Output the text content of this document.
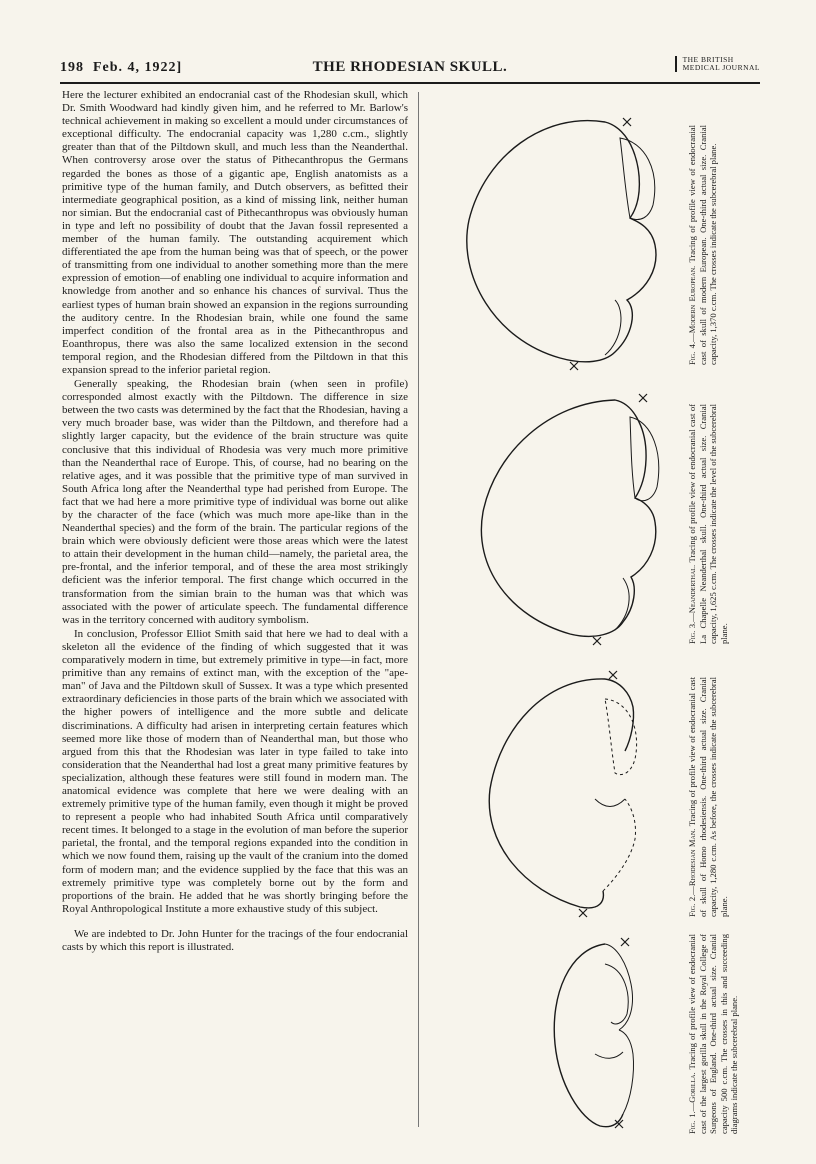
198 Feb. 4, 1922]	THE RHODESIAN SKULL.	THE BRITISH
MEDICAL JOURNAL

Here the lecturer exhibited an endocranial cast of the Rhodesian skull, which Dr. Smith Woodward had kindly given him, and he referred to Mr. Barlow's technical achievement in making so excellent a mould under circumstances of exceptional difficulty. The endocranial capacity was 1,280 c.cm., slightly greater than that of the Piltdown skull, and much less than the Neanderthal. When controversy arose over the status of Pithecanthropus the Germans regarded the bones as those of a gigantic ape, English anatomists as a primitive type of the human family, and Dutch observers, as befitted their intermediate geographical position, as a kind of missing link, neither human nor simian. But the endocranial cast of Pithecanthropus was obviously human in type and left no possibility of doubt that the Javan fossil represented a member of the human family. The outstanding acquirement which differentiated the ape from the human being was that of speech, or the power of transmitting from one individual to another something more than the mere expression of emotion—of enabling one individual to acquire information and knowledge from another and so enhance his chances of survival. Thus the earliest types of human brain showed an expansion in the regions surrounding the auditory centre. In the Rhodesian brain, while one found the same imperfect condition of the frontal area as in the Pithecanthropus and Eoanthropus, there was also the same localized extension in the second temporal region, and the Rhodesian differed from the Piltdown in that this expansion spread to the inferior parietal region.

Generally speaking, the Rhodesian brain (when seen in profile) corresponded almost exactly with the Piltdown. The difference in size between the two casts was determined by the fact that the Rhodesian, having a very much broader base, was wider than the Piltdown, and therefore had a slightly larger capacity, but the evidence of the brain structure was quite conclusive that this individual of Rhodesia was very much more primitive than the Neanderthal race of Europe. This, of course, had no bearing on the relative ages, and it was possible that the primitive type of man survived in South Africa long after the Neanderthal type had perished from Europe. The fact that we had here a more primitive type of individual was borne out alike by the character of the face (which was much more ape-like than in the Neanderthal species) and the form of the brain. The particular regions of the brain which were obviously deficient were those areas which were the latest to attain their development in the human child—namely, the parietal area, the pre-frontal, and the inferior temporal, and of these the area most strikingly deficient was the inferior temporal. The first change which occurred in the transformation from the simian brain to the human was that which was associated with the power of articulate speech. The fundamental difference was in the territory concerned with auditory symbolism.

In conclusion, Professor Elliot Smith said that here we had to deal with a skeleton all the evidence of the finding of which suggested that it was comparatively modern in time, but extremely primitive in type—in fact, more primitive than any remains of extinct man, with the exception of the "ape-man" of Java and the Piltdown skull of Sussex. It was a type which presented extraordinary deficiencies in those parts of the brain which we associated with the higher powers of intelligence and the more subtle and delicate discriminations. A difficulty had arisen in interpreting certain features which seemed more like those of modern than of Neanderthal man, but those who argued from this that the Rhodesian was later in type failed to take into consideration that the Neanderthal had lost a great many primitive features by specialization, although these features were still found in modern man. The anatomical evidence was complete that here we were dealing with an extremely primitive type of the human family, even though it might be proved to represent a people who had inhabited South Africa until comparatively recent times. It belonged to a stage in the evolution of man before the superior parietal, the frontal, and the temporal regions expanded into the condition in which we now found them, raising up the vault of the cranium into the domed form of modern man; and the evidence supplied by the face that this was an extremely primitive type was completely borne out by the form and proportions of the brain. He added that he was shortly bringing before the Royal Anthropological Institute a more exhaustive study of this subject.

We are indebted to Dr. John Hunter for the tracings of the four endocranial casts by which this report is illustrated.

Fig. 4.—Modern European. Tracing of profile view of endocranial cast of skull of modern European. One-third actual size. Cranial capacity, 1,370 c.cm. The crosses indicate the subcerebral plane.
Fig. 3.—Neanderthal. Tracing of profile view of endocranial cast of La Chapelle Neanderthal skull. One-third actual size. Cranial capacity, 1,625 c.cm. The crosses indicate the level of the subcerebral plane.
Fig. 2.—Rhodesian Man. Tracing of profile view of endocranial cast of skull of Homo rhodesiensis. One-third actual size. Cranial capacity, 1,280 c.cm. As before, the crosses indicate the subcerebral plane.
Fig. 1.—Gorilla. Tracing of profile view of endocranial cast of the largest gorilla skull in the Royal College of Surgeons of England. One-third actual size. Cranial capacity 500 c.cm. The crosses in this and succeeding diagrams indicate the subcerebral plane.
